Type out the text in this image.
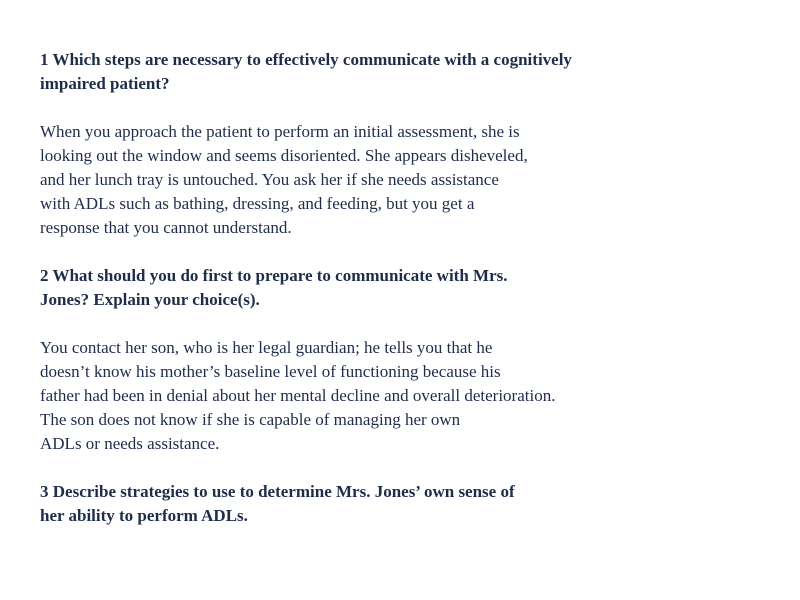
1 Which steps are necessary to effectively communicate with a cognitively
impaired patient?

When you approach the patient to perform an initial assessment, she is
looking out the window and seems disoriented. She appears disheveled,
and her lunch tray is untouched. You ask her if she needs assistance
with ADLs such as bathing, dressing, and feeding, but you get a
response that you cannot understand.

2 What should you do first to prepare to communicate with Mrs.
Jones? Explain your choice(s).

You contact her son, who is her legal guardian; he tells you that he
doesn’t know his mother’s baseline level of functioning because his
father had been in denial about her mental decline and overall deterioration.
The son does not know if she is capable of managing her own
ADLs or needs assistance.

3 Describe strategies to use to determine Mrs. Jones’ own sense of
her ability to perform ADLs.
